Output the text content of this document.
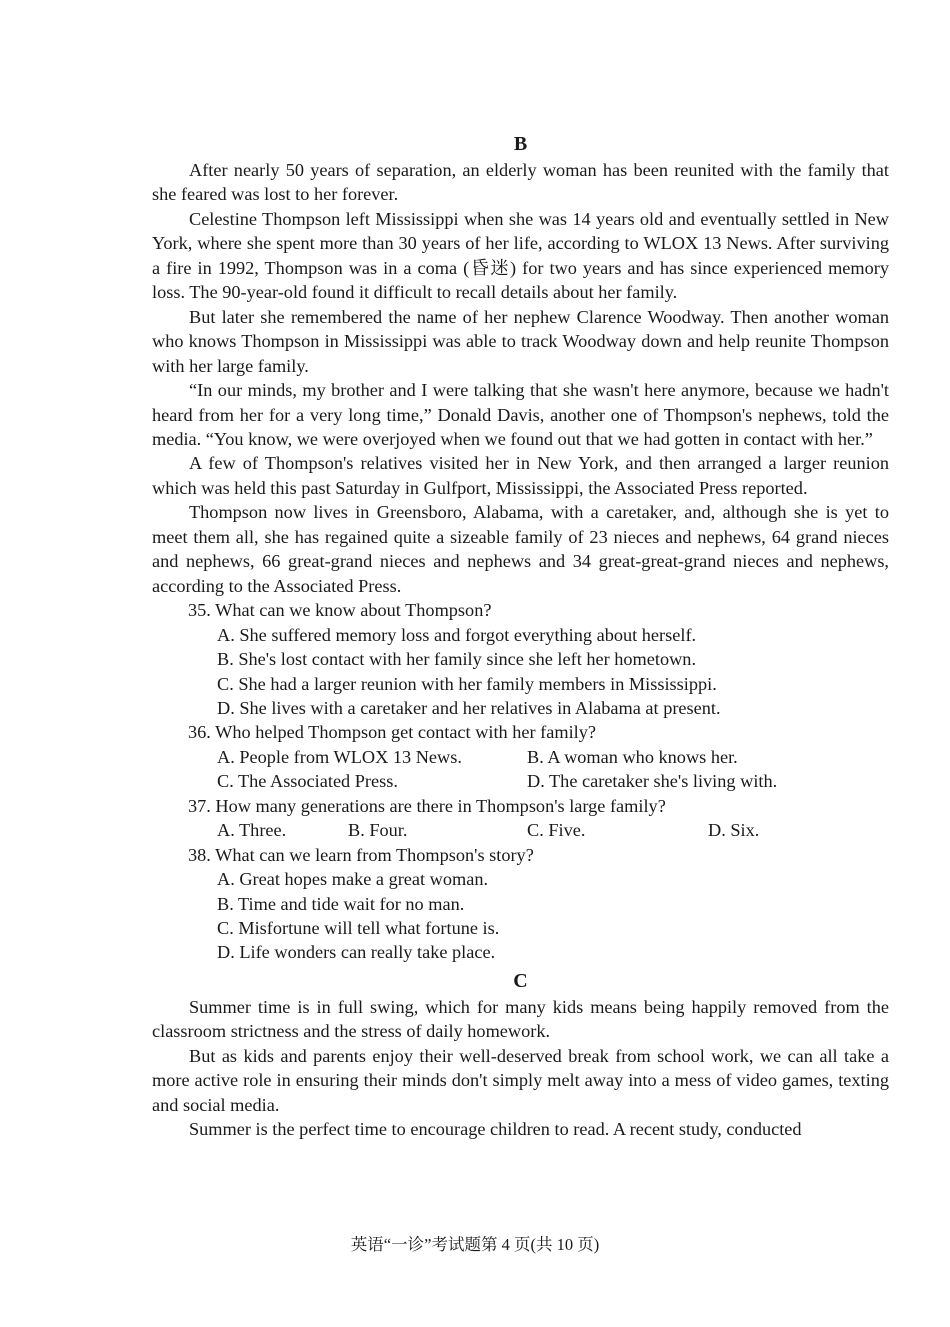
B

After nearly 50 years of separation, an elderly woman has been reunited with the family that she feared was lost to her forever.

Celestine Thompson left Mississippi when she was 14 years old and eventually settled in New York, where she spent more than 30 years of her life, according to WLOX 13 News. After surviving a fire in 1992, Thompson was in a coma (昏迷) for two years and has since experienced memory loss. The 90-year-old found it difficult to recall details about her family.

But later she remembered the name of her nephew Clarence Woodway. Then another woman who knows Thompson in Mississippi was able to track Woodway down and help reunite Thompson with her large family.

“In our minds, my brother and I were talking that she wasn't here anymore, because we hadn't heard from her for a very long time,” Donald Davis, another one of Thompson's nephews, told the media. “You know, we were overjoyed when we found out that we had gotten in contact with her.”

A few of Thompson's relatives visited her in New York, and then arranged a larger reunion which was held this past Saturday in Gulfport, Mississippi, the Associated Press reported.

Thompson now lives in Greensboro, Alabama, with a caretaker, and, although she is yet to meet them all, she has regained quite a sizeable family of 23 nieces and nephews, 64 grand nieces and nephews, 66 great-grand nieces and nephews and 34 great-great-grand nieces and nephews, according to the Associated Press.

35. What can we know about Thompson?
A. She suffered memory loss and forgot everything about herself.
B. She's lost contact with her family since she left her hometown.
C. She had a larger reunion with her family members in Mississippi.
D. She lives with a caretaker and her relatives in Alabama at present.
36. Who helped Thompson get contact with her family?
A. People from WLOX 13 News.	B. A woman who knows her.
C. The Associated Press.	D. The caretaker she's living with.
37. How many generations are there in Thompson's large family?
A. Three.	B. Four.	C. Five.	D. Six.
38. What can we learn from Thompson's story?
A. Great hopes make a great woman.
B. Time and tide wait for no man.
C. Misfortune will tell what fortune is.
D. Life wonders can really take place.
C

Summer time is in full swing, which for many kids means being happily removed from the classroom strictness and the stress of daily homework.

But as kids and parents enjoy their well-deserved break from school work, we can all take a more active role in ensuring their minds don't simply melt away into a mess of video games, texting and social media.

Summer is the perfect time to encourage children to read. A recent study, conducted

英语“一诊”考试题第 4 页(共 10 页)
